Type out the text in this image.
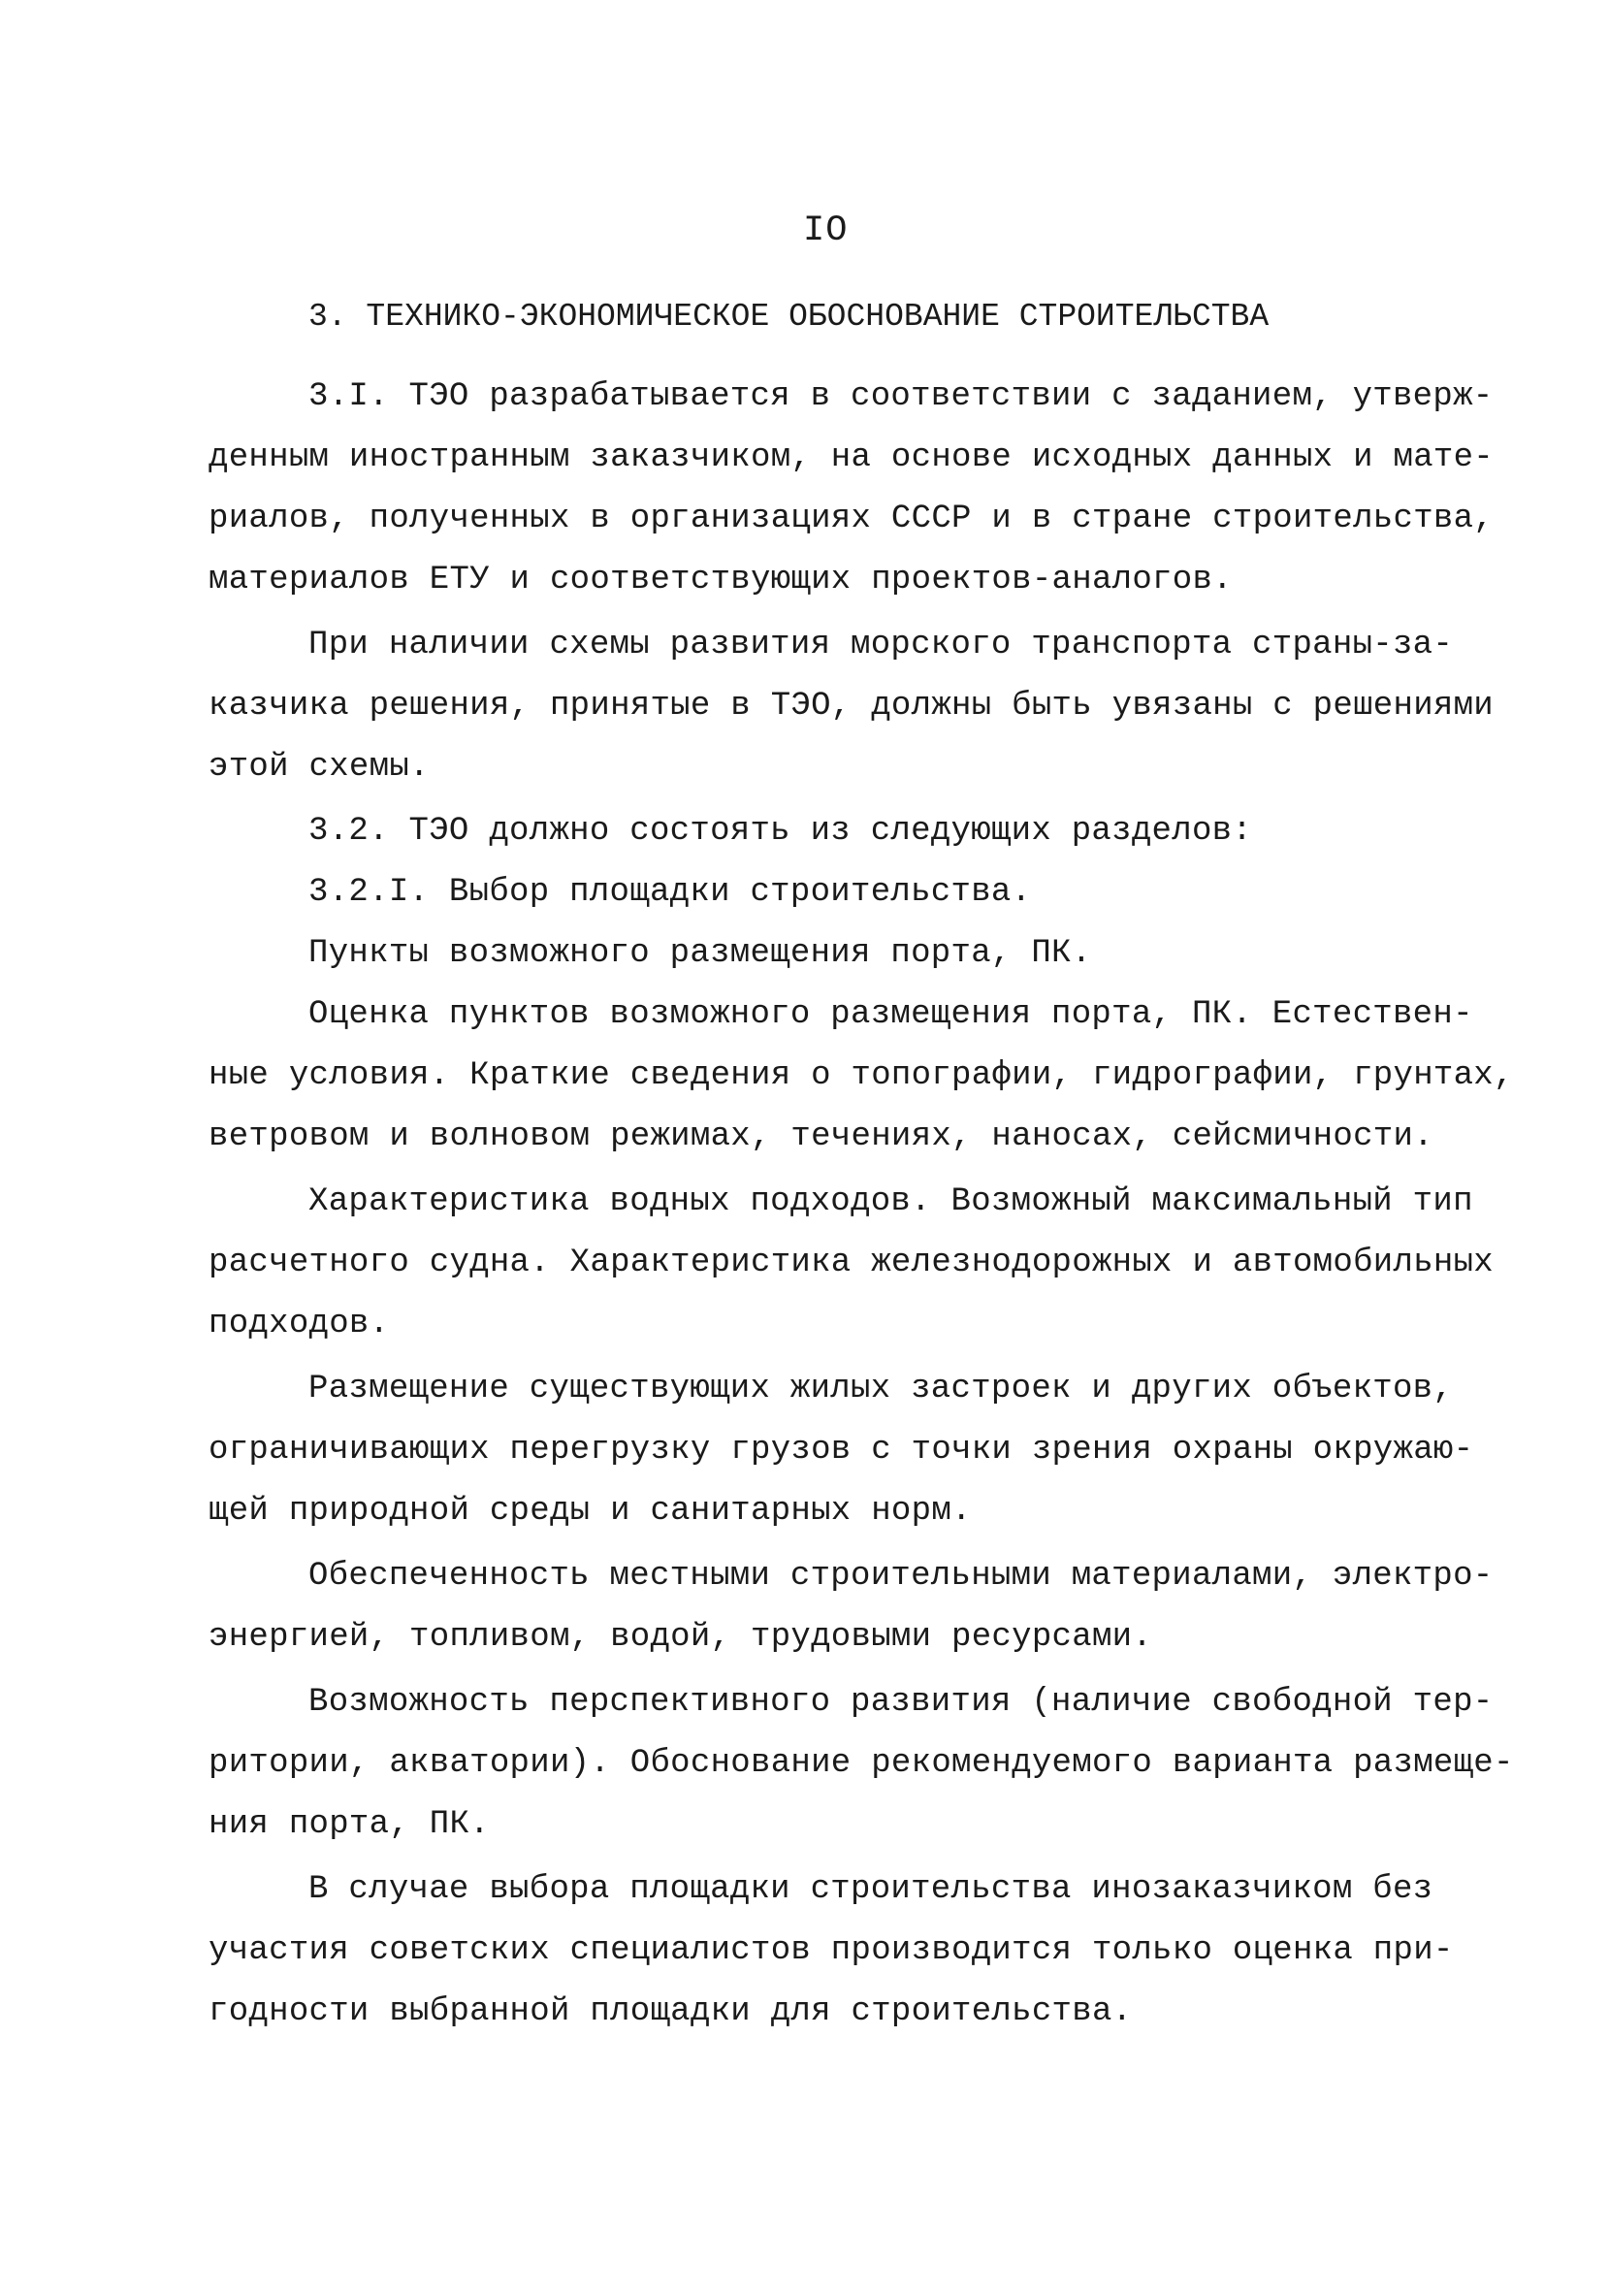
IO
3. ТЕХНИКО-ЭКОНОМИЧЕСКОЕ ОБОСНОВАНИЕ СТРОИТЕЛЬСТВА
3.I. ТЭО разрабатывается в соответствии с заданием, утверж-
денным иностранным заказчиком, на основе исходных данных и мате-
риалов, полученных в организациях СССР и в стране строительства,
материалов ЕТУ и соответствующих проектов-аналогов.
При наличии схемы развития морского транспорта страны-за-
казчика решения, принятые в ТЭО, должны быть увязаны с решениями
этой схемы.
3.2. ТЭО должно состоять из следующих разделов:
3.2.I. Выбор площадки строительства.
Пункты возможного размещения порта, ПК.
Оценка пунктов возможного размещения порта, ПК. Естествен-
ные условия. Краткие сведения о топографии, гидрографии, грунтах,
ветровом и волновом режимах, течениях, наносах, сейсмичности.
Характеристика водных подходов. Возможный максимальный тип
расчетного судна. Характеристика железнодорожных и автомобильных
подходов.
Размещение существующих жилых застроек и других объектов,
ограничивающих перегрузку грузов с точки зрения охраны окружаю-
щей природной среды и санитарных норм.
Обеспеченность местными строительными материалами, электро-
энергией, топливом, водой, трудовыми ресурсами.
Возможность перспективного развития (наличие свободной тер-
ритории, акватории). Обоснование рекомендуемого варианта размеще-
ния порта, ПК.
В случае выбора площадки строительства инозаказчиком без
участия советских специалистов производится только оценка при-
годности выбранной площадки для строительства.
